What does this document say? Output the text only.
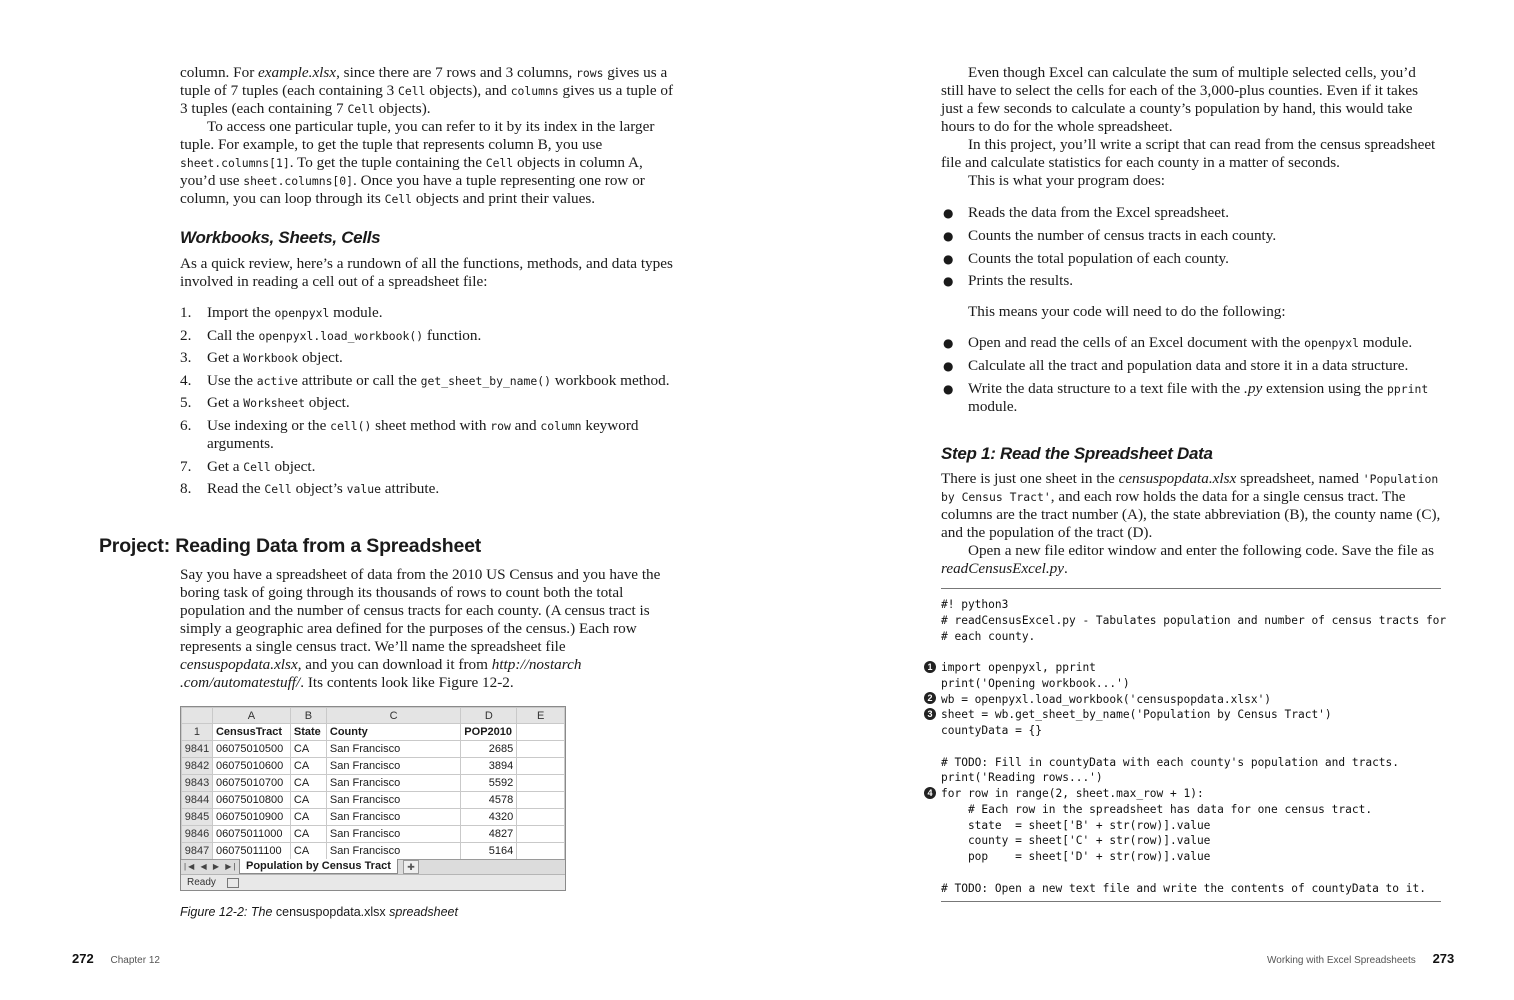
column. For example.xlsx, since there are 7 rows and 3 columns, rows gives us a tuple of 7 tuples (each containing 3 Cell objects), and columns gives us a tuple of 3 tuples (each containing 7 Cell objects).

To access one particular tuple, you can refer to it by its index in the larger tuple. For example, to get the tuple that represents column B, you use sheet.columns[1]. To get the tuple containing the Cell objects in column A, you’d use sheet.columns[0]. Once you have a tuple representing one row or column, you can loop through its Cell objects and print their values.

Workbooks, Sheets, Cells

As a quick review, here’s a rundown of all the functions, methods, and data types involved in reading a cell out of a spreadsheet file:

1. Import the openpyxl module.
2. Call the openpyxl.load_workbook() function.
3. Get a Workbook object.
4. Use the active attribute or call the get_sheet_by_name() workbook method.
5. Get a Worksheet object.
6. Use indexing or the cell() sheet method with row and column keyword arguments.
7. Get a Cell object.
8. Read the Cell object’s value attribute.
Project: Reading Data from a Spreadsheet

Say you have a spreadsheet of data from the 2010 US Census and you have the boring task of going through its thousands of rows to count both the total population and the number of census tracts for each county. (A census tract is simply a geographic area defined for the purposes of the census.) Each row represents a single census tract. We’ll name the spreadsheet file censuspopdata.xlsx, and you can download it from http://nostarch .com/automatestuff/. Its contents look like Figure 12-2.

	A	B	C	D	E
1	CensusTract	State	County	POP2010	
9841	06075010500	CA	San Francisco	2685	
9842	06075010600	CA	San Francisco	3894	
9843	06075010700	CA	San Francisco	5592	
9844	06075010800	CA	San Francisco	4578	
9845	06075010900	CA	San Francisco	4320	
9846	06075011000	CA	San Francisco	4827	
9847	06075011100	CA	San Francisco	5164	
|◀ ◀ ▶ ▶| Population by Census Tract	✚
Ready
Figure 12-2: The censuspopdata.xlsx spreadsheet
272 Chapter 12

Even though Excel can calculate the sum of multiple selected cells, you’d still have to select the cells for each of the 3,000-plus counties. Even if it takes just a few seconds to calculate a county’s population by hand, this would take hours to do for the whole spreadsheet.

In this project, you’ll write a script that can read from the census spreadsheet file and calculate statistics for each county in a matter of seconds.

This is what your program does:

● Reads the data from the Excel spreadsheet.
● Counts the number of census tracts in each county.
● Counts the total population of each county.
● Prints the results.

This means your code will need to do the following:

● Open and read the cells of an Excel document with the openpyxl module.
● Calculate all the tract and population data and store it in a data structure.
● Write the data structure to a text file with the .py extension using the pprint module.
Step 1: Read the Spreadsheet Data

There is just one sheet in the censuspopdata.xlsx spreadsheet, named 'Population by Census Tract', and each row holds the data for a single census tract. The columns are the tract number (A), the state abbreviation (B), the county name (C), and the population of the tract (D).

Open a new file editor window and enter the following code. Save the file as readCensusExcel.py.

#! python3
# readCensusExcel.py - Tabulates population and number of census tracts for
# each county.
import openpyxl, pprint
print('Opening workbook...')
wb = openpyxl.load_workbook('censuspopdata.xlsx')
sheet = wb.get_sheet_by_name('Population by Census Tract')
countyData = {}
# TODO: Fill in countyData with each county's population and tracts.
print('Reading rows...')
for row in range(2, sheet.max_row + 1):
# Each row in the spreadsheet has data for one census tract.
state  = sheet['B' + str(row)].value
county = sheet['C' + str(row)].value
pop    = sheet['D' + str(row)].value
# TODO: Open a new text file and write the contents of countyData to it.
1
2
3
4
Working with Excel Spreadsheets 273
